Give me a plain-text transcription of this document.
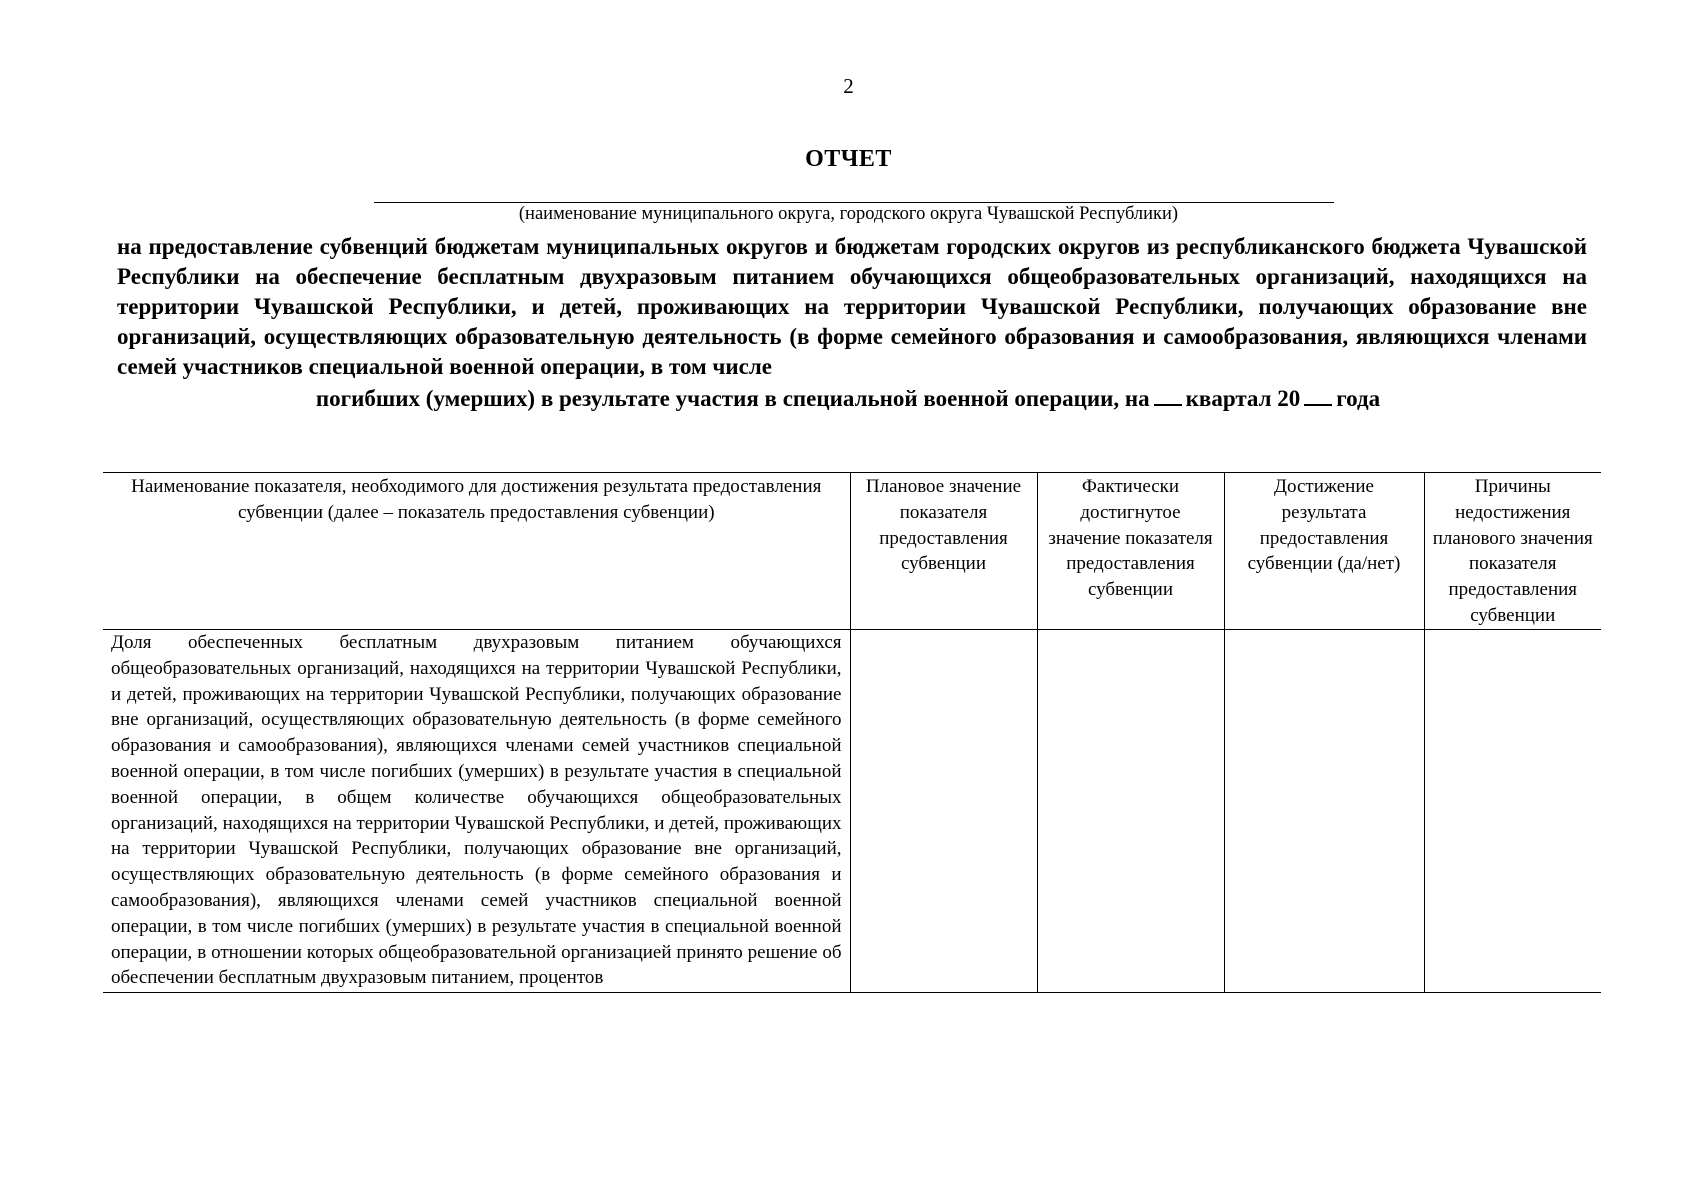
2
ОТЧЕТ
(наименование муниципального округа, городского округа Чувашской Республики)
на предоставление субвенций бюджетам муниципальных округов и бюджетам городских округов из республиканского бюджета Чувашской Республики на обеспечение бесплатным двухразовым питанием обучающихся общеобразовательных организаций, находящихся на территории Чувашской Республики, и детей, проживающих на территории Чувашской Республики, получающих образование вне организаций, осуществляющих образовательную деятельность (в форме семейного образования и самообразования, являющихся членами семей участников специальной военной операции, в том числе
погибших (умерших) в результате участия в специальной военной операции, на квартал 20 года
Наименование показателя, необходимого для достижения результата предоставления субвенции (далее – показатель предоставления субвенции)	Плановое значение показателя предоставления субвенции	Фактически достигнутое значение показателя предоставления субвенции	Достижение результата предоставления субвенции (да/нет)	Причины недостижения планового значения показателя предоставления субвенции
Доля обеспеченных бесплатным двухразовым питанием обучающихся общеобразовательных организаций, находящихся на территории Чувашской Республики, и детей, проживающих на территории Чувашской Республики, получающих образование вне организаций, осуществляющих образовательную деятельность (в форме семейного образования и самообразования), являющихся членами семей участников специальной военной операции, в том числе погибших (умерших) в результате участия в специальной военной операции, в общем количестве обучающихся общеобразовательных организаций, находящихся на территории Чувашской Республики, и детей, проживающих на территории Чувашской Республики, получающих образование вне организаций, осуществляющих образовательную деятельность (в форме семейного образования и самообразования), являющихся членами семей участников специальной военной операции, в том числе погибших (умерших) в результате участия в специальной военной операции, в отношении которых общеобразовательной организацией принято решение об обеспечении бесплатным двухразовым питанием, процентов				
